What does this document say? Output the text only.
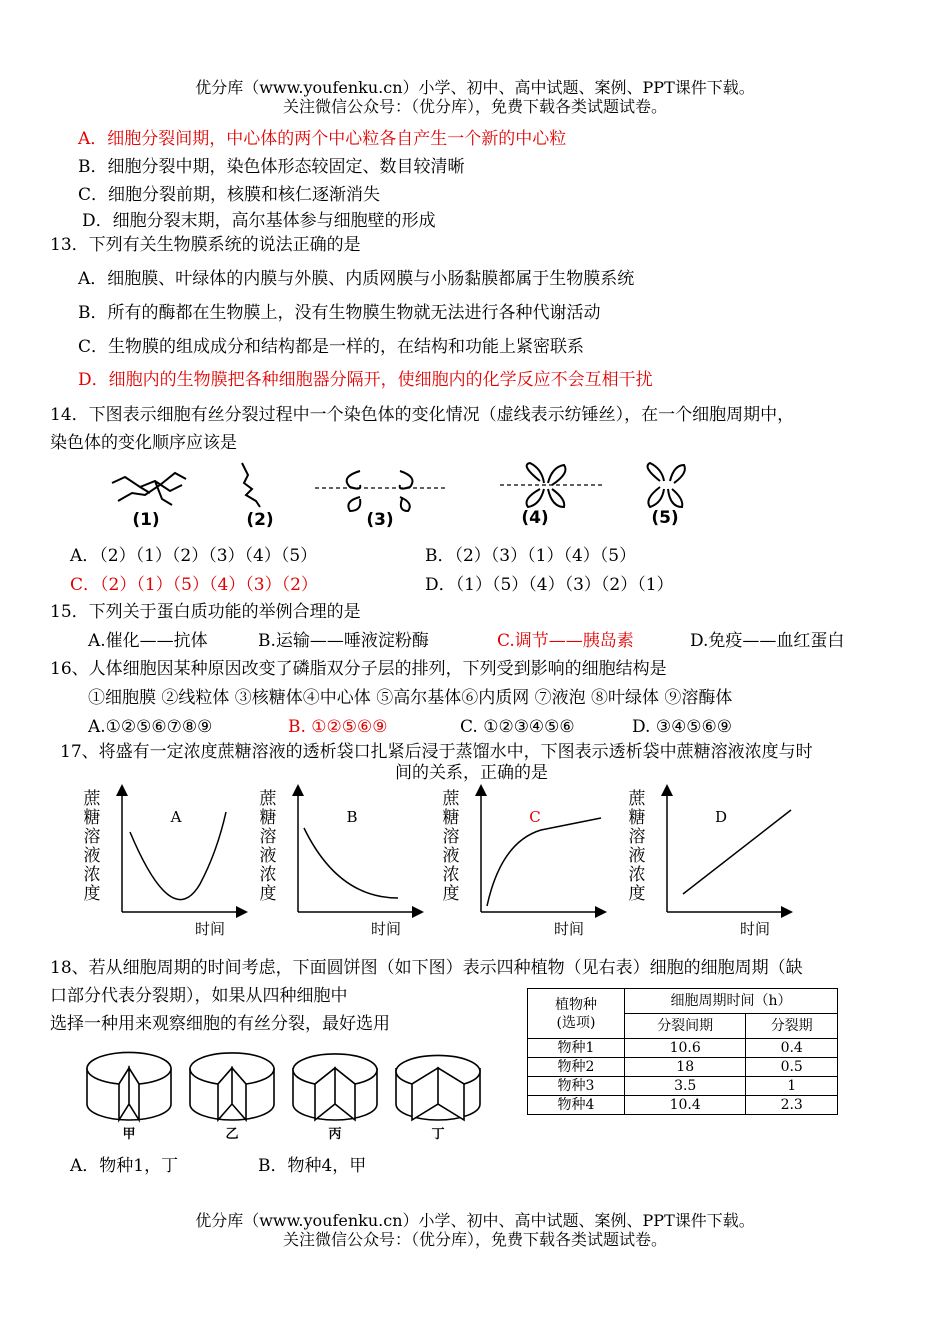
优分库（www.youfenku.cn）小学、初中、高中试题、案例、PPT课件下载。
关注微信公众号：（优分库），免费下载各类试题试卷。
A．细胞分裂间期，中心体的两个中心粒各自产生一个新的中心粒
B．细胞分裂中期，染色体形态较固定、数目较清晰
C．细胞分裂前期，核膜和核仁逐渐消失
D．细胞分裂末期，高尔基体参与细胞壁的形成
13．下列有关生物膜系统的说法正确的是
A．细胞膜、叶绿体的内膜与外膜、内质网膜与小肠黏膜都属于生物膜系统
B．所有的酶都在生物膜上，没有生物膜生物就无法进行各种代谢活动
C．生物膜的组成成分和结构都是一样的，在结构和功能上紧密联系
D．细胞内的生物膜把各种细胞器分隔开，使细胞内的化学反应不会互相干扰
14．下图表示细胞有丝分裂过程中一个染色体的变化情况（虚线表示纺锤丝），在一个细胞周期中，
染色体的变化顺序应该是
(1)	(2)	(3)	(4)	(5)
A．（2）（1）（2）（3）（4）（5）	B．（2）（3）（1）（4）（5）
C．（2）（1）（5）（4）（3）（2）	D．（1）（5）（4）（3）（2）（1）
15．下列关于蛋白质功能的举例合理的是
A.催化——抗体	B.运输——唾液淀粉酶	C.调节——胰岛素	D.免疫——血红蛋白
16、人体细胞因某种原因改变了磷脂双分子层的排列，下列受到影响的细胞结构是
①细胞膜 ②线粒体 ③核糖体④中心体 ⑤高尔基体⑥内质网 ⑦液泡 ⑧叶绿体 ⑨溶酶体
A.①②⑤⑥⑦⑧⑨	B. ①②⑤⑥⑨	C. ①②③④⑤⑥	D. ③④⑤⑥⑨
17、将盛有一定浓度蔗糖溶液的透析袋口扎紧后浸于蒸馏水中，下图表示透析袋中蔗糖溶液浓度与时
间的关系，正确的是
A
蔗
糖
溶
液
浓
度
时间
B
蔗
糖
溶
液
浓
度
时间
C
蔗
糖
溶
液
浓
度
时间
D
蔗
糖
溶
液
浓
度
时间
18、若从细胞周期的时间考虑，下面圆饼图（如下图）表示四种植物（见右表）细胞的细胞周期（缺
口部分代表分裂期），如果从四种细胞中
选择一种用来观察细胞的有丝分裂，最好选用
甲	乙	丙	丁
植物种
(选项)	细胞周期时间（h）	
	分裂间期	分裂期
物种1	10.6	0.4
物种2	18	0.5
物种3	3.5	1
物种4	10.4	2.3
A．物种1，丁	B．物种4，甲
优分库（www.youfenku.cn）小学、初中、高中试题、案例、PPT课件下载。
关注微信公众号：（优分库），免费下载各类试题试卷。
